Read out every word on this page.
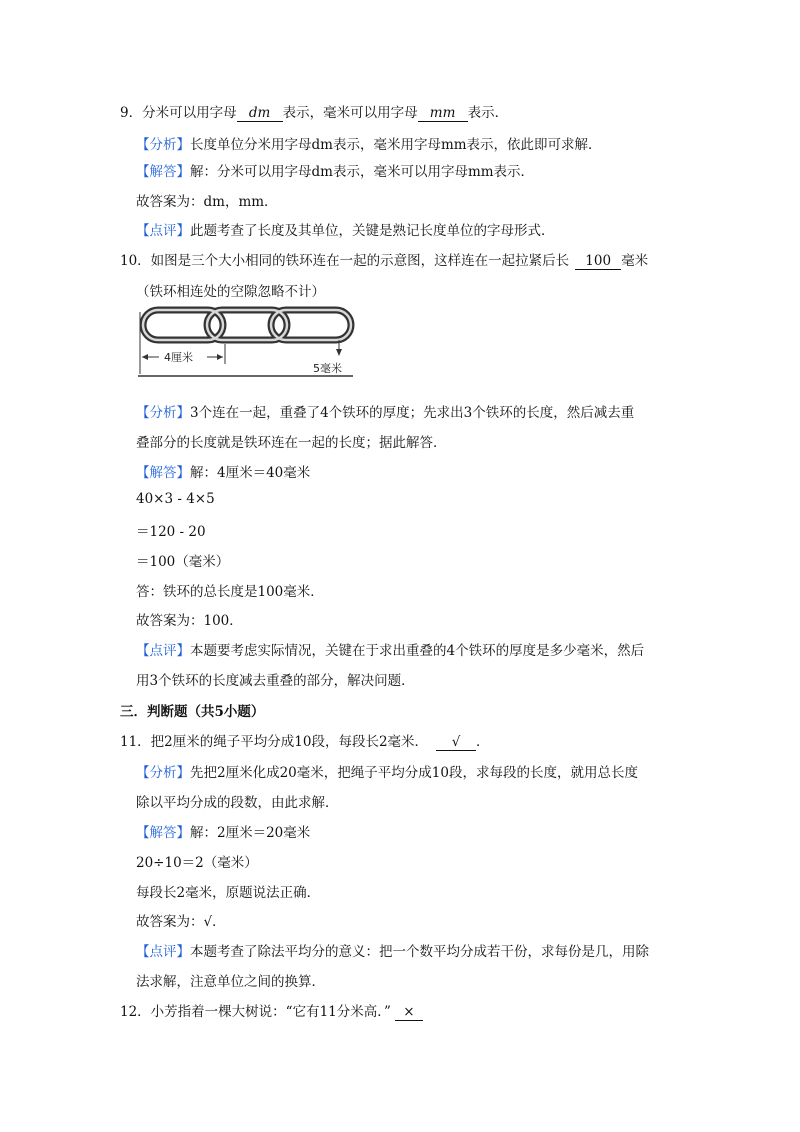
9．分米可以用字母 dm 表示，毫米可以用字母 mm 表示．
【分析】长度单位分米用字母dm表示，毫米用字母mm表示，依此即可求解．
【解答】解：分米可以用字母dm表示，毫米可以用字母mm表示．
故答案为：dm，mm．
【点评】此题考查了长度及其单位，关键是熟记长度单位的字母形式．
10．如图是三个大小相同的铁环连在一起的示意图，这样连在一起拉紧后长 100 毫米
（铁环相连处的空隙忽略不计）
4厘米
5毫米
【分析】3个连在一起，重叠了4个铁环的厚度；先求出3个铁环的长度，然后减去重
叠部分的长度就是铁环连在一起的长度；据此解答．
【解答】解：4厘米＝40毫米
40×3 - 4×5
＝120 - 20
＝100（毫米）
答：铁环的总长度是100毫米．
故答案为：100．
【点评】本题要考虑实际情况，关键在于求出重叠的4个铁环的厚度是多少毫米，然后
用3个铁环的长度减去重叠的部分，解决问题．
三．判断题（共5小题）
11．把2厘米的绳子平均分成10段，每段长2毫米． √ ．
【分析】先把2厘米化成20毫米，把绳子平均分成10段，求每段的长度，就用总长度
除以平均分成的段数，由此求解．
【解答】解：2厘米＝20毫米
20÷10＝2（毫米）
每段长2毫米，原题说法正确．
故答案为：√．
【点评】本题考查了除法平均分的意义：把一个数平均分成若干份，求每份是几，用除
法求解，注意单位之间的换算．
12．小芳指着一棵大树说：“它有11分米高．” ×
